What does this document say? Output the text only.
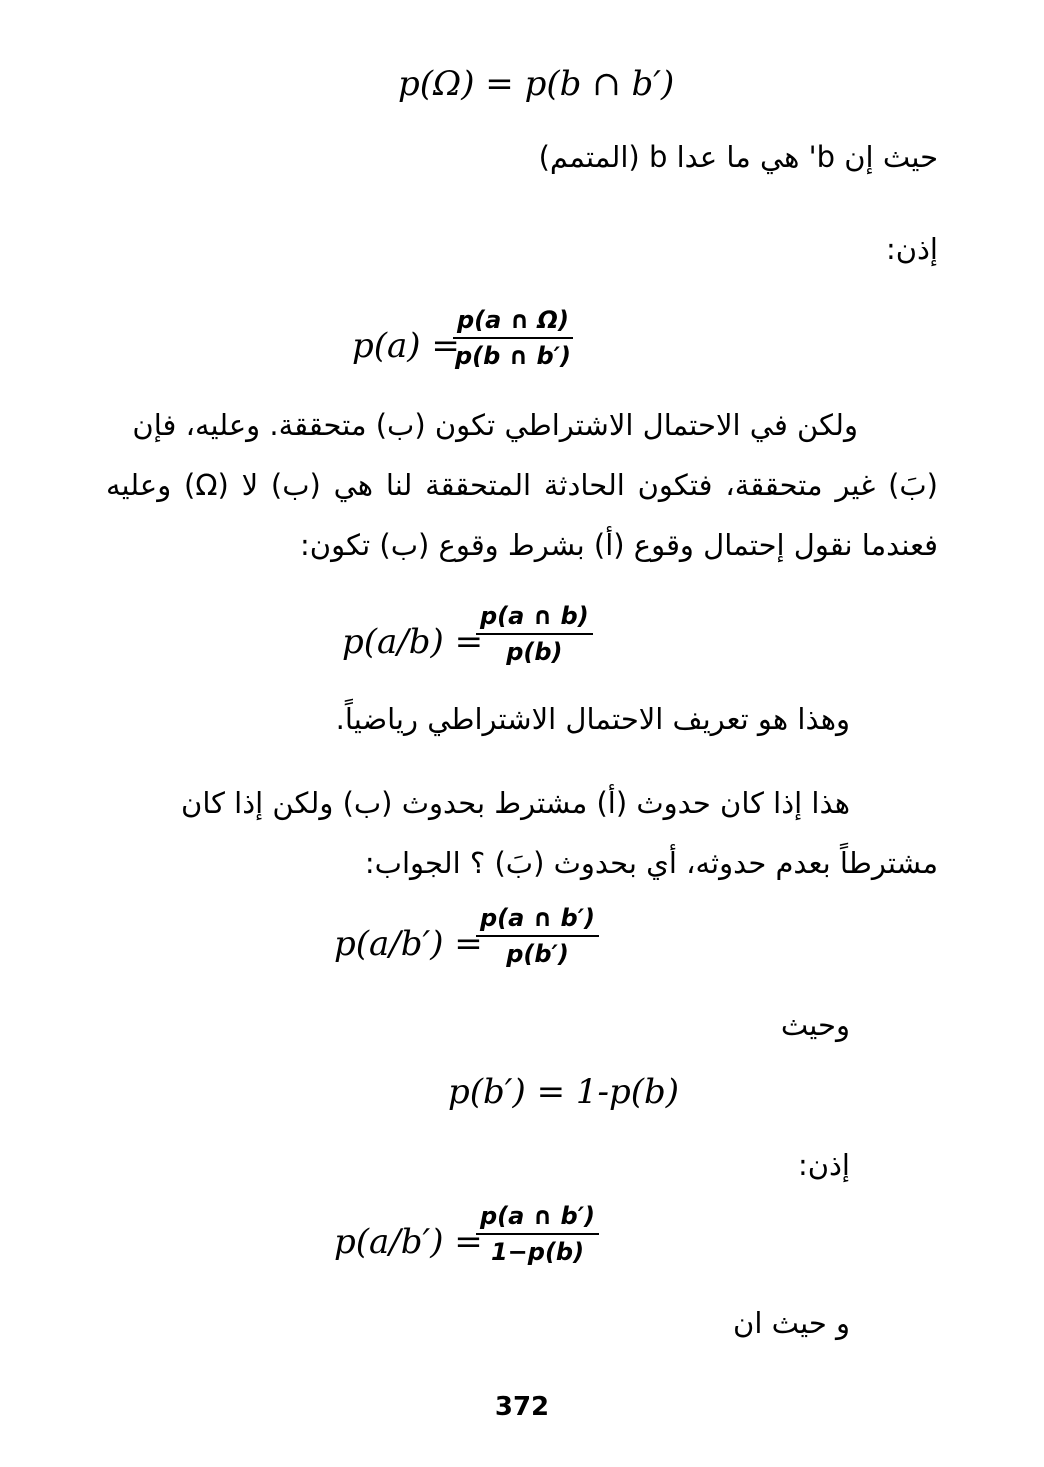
p(Ω) = p(b ∩ b′)
حيث إن b' هي ما عدا b (المتمم)
إذن:
p(a) =
$\frac{p(a \cap \Omega)}{p(b \cap b')}$
ولكن في الاحتمال الاشتراطي تكون (ب) متحققة. وعليه، فإن
(بَ) غير متحققة، فتكون الحادثة المتحققة لنا هي (ب) لا (Ω) وعليه
فعندما نقول إحتمال وقوع (أ) بشرط وقوع (ب) تكون:
p(a/b) =
$\frac{p(a \cap b)}{p(b)}$
وهذا هو تعريف الاحتمال الاشتراطي رياضياً.
هذا إذا كان حدوث (أ) مشترط بحدوث (ب) ولكن إذا كان
مشترطاً بعدم حدوثه، أي بحدوث (بَ) ؟ الجواب:
p(a/b′) =
$\frac{p(a \cap b')}{p(b')}$
وحيث
p(b′) = 1-p(b)
إذن:
p(a/b′) =
$\frac{p(a \cap b')}{1-p(b)}$
و حيث ان
372
